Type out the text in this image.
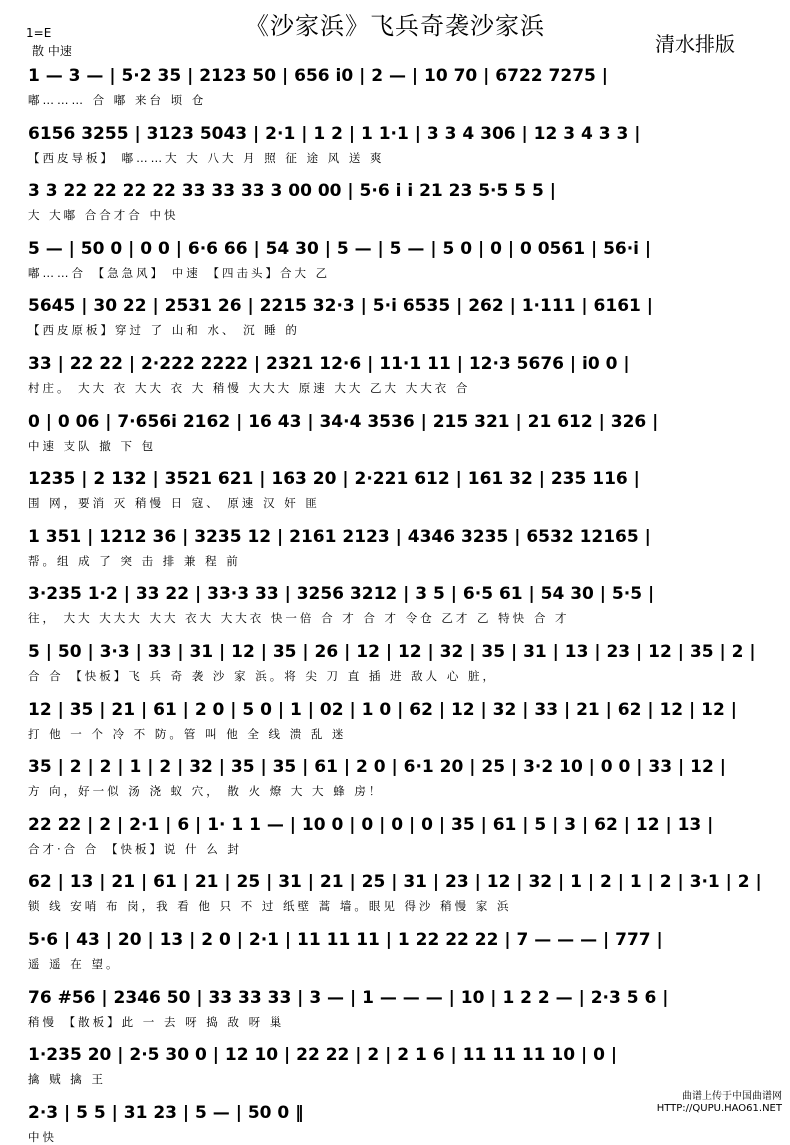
《沙家浜》飞兵奇袭沙家浜
清水排版
1=E
散 中速
1 — 3 — | 5·2 35 | 2123 50 | 656 i0 | 2 — | 10 70 | 6722 7275 |
嘟……… 合 嘟 来台 顷 仓
6156 3255 | 3123 5043 | 2·1 | 1 2 | 1 1·1 | 3 3 4 306 | 12 3 4 3 3 |
【西皮导板】 嘟……大 大 八大 月 照 征 途 风 送 爽
3 3 22 22 22 22 33 33 33 3 00 00 | 5·6 i i 21 23 5·5 5 5 |
大 大嘟 合合才合 中快
5 — | 50 0 | 0 0 | 6·6 66 | 54 30 | 5 — | 5 — | 5 0 | 0 | 0 0561 | 56·i |
嘟……合 【急急风】 中速 【四击头】合大 乙
5645 | 30 22 | 2531 26 | 2215 32·3 | 5·i 6535 | 262 | 1·111 | 6161 |
【西皮原板】穿过 了 山和 水、 沉 睡 的
33 | 22 22 | 2·222 2222 | 2321 12·6 | 11·1 11 | 12·3 5676 | i0 0 |
村庄。 大大 衣 大大 衣 大 稍慢 大大大 原速 大大 乙大 大大衣 合
0 | 0 06 | 7·656i 2162 | 16 43 | 34·4 3536 | 215 321 | 21 612 | 326 |
中速 支队 撤 下 包
1235 | 2 132 | 3521 621 | 163 20 | 2·221 612 | 161 32 | 235 116 |
围 网，要消 灭 稍慢 日 寇、 原速 汉 奸 匪
1 351 | 1212 36 | 3235 12 | 2161 2123 | 4346 3235 | 6532 12165 |
帮。组 成 了 突 击 排 兼 程 前
3·235 1·2 | 33 22 | 33·3 33 | 3256 3212 | 3 5 | 6·5 61 | 54 30 | 5·5 |
往， 大大 大大大 大大 衣大 大大衣 快一倍 合 才 合 才 令仓 乙才 乙 特快 合 才
5 | 50 | 3·3 | 33 | 31 | 12 | 35 | 26 | 12 | 12 | 32 | 35 | 31 | 13 | 23 | 12 | 35 | 2 |
合 合 【快板】飞 兵 奇 袭 沙 家 浜。将 尖 刀 直 插 进 敌人 心 脏，
12 | 35 | 21 | 61 | 2 0 | 5 0 | 1 | 02 | 1 0 | 62 | 12 | 32 | 33 | 21 | 62 | 12 | 12 |
打 他 一 个 冷 不 防。管 叫 他 全 线 溃 乱 迷
35 | 2 | 2 | 1 | 2 | 32 | 35 | 35 | 61 | 2 0 | 6·1 20 | 25 | 3·2 10 | 0 0 | 33 | 12 |
方 向，好一似 汤 浇 蚁 穴， 散 火 燎 大 大 蜂 房！
22 22 | 2 | 2·1 | 6 | 1· 1 1 — | 10 0 | 0 | 0 | 0 | 35 | 61 | 5 | 3 | 62 | 12 | 13 |
合才·合 合 【快板】说 什 么 封
62 | 13 | 21 | 61 | 21 | 25 | 31 | 21 | 25 | 31 | 23 | 12 | 32 | 1 | 2 | 1 | 2 | 3·1 | 2 |
锁 线 安哨 布 岗，我 看 他 只 不 过 纸壁 蒿 墙。眼见 得沙 稍慢 家 浜
5·6 | 43 | 20 | 13 | 2 0 | 2·1 | 11 11 11 | 1 22 22 22 | 7 — — — | 777 |
遥 遥 在 望。
76 #56 | 2346 50 | 33 33 33 | 3 — | 1 — — — | 10 | 1 2 2 — | 2·3 5 6 |
稍慢 【散板】此 一 去 呀 捣 敌 呀 巢
1·235 20 | 2·5 30 0 | 12 10 | 22 22 | 2 | 2 1 6 | 11 11 11 10 | 0 |
擒 贼 擒 王
2·3 | 5 5 | 31 23 | 5 — | 50 0 ‖
中快
曲谱上传于中国曲谱网
HTTP://QUPU.HAO61.NET
